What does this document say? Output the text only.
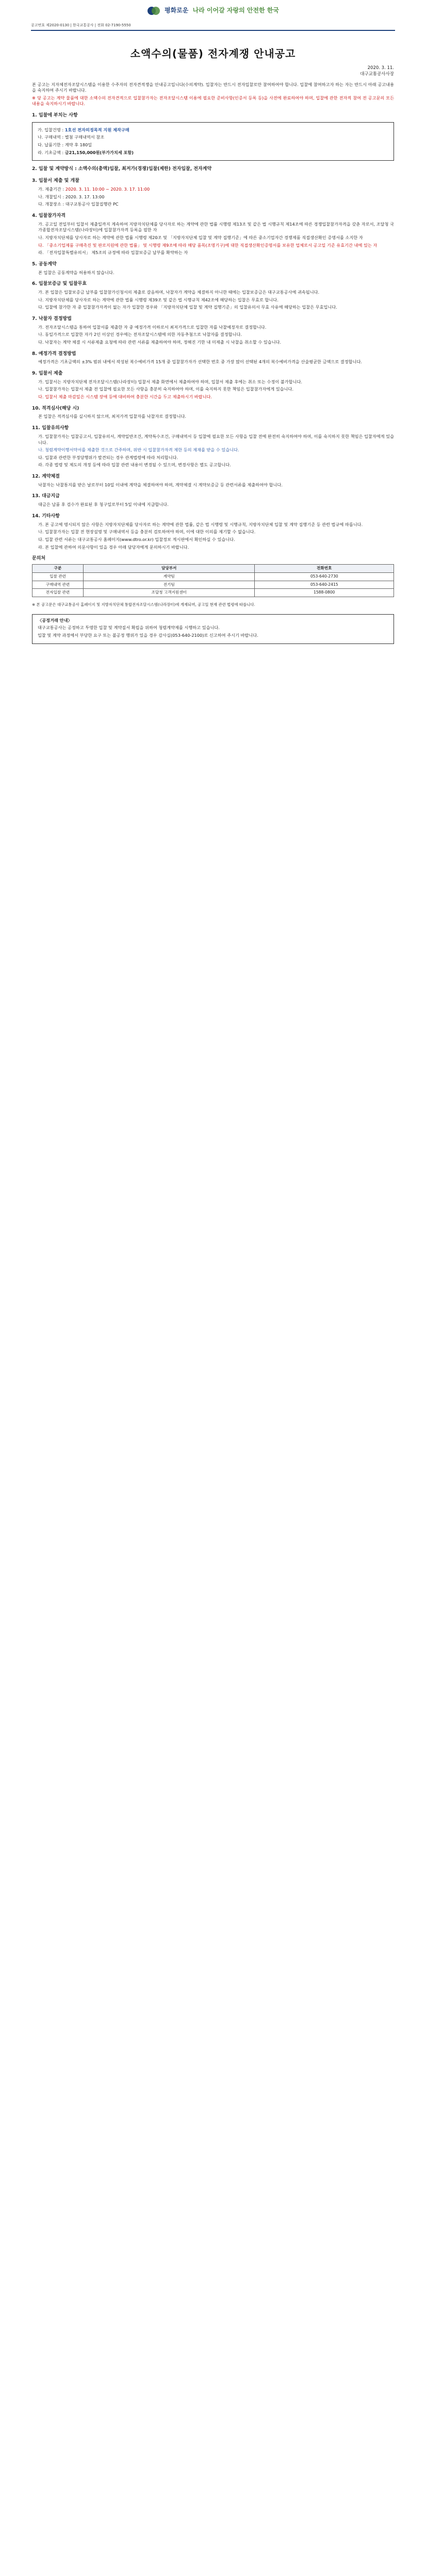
평화로운 나라 이어갈 자랑의 안전한 한국
공고번호 제2020-0130 | 한국교통공사 | 전화 02-7190-5550
소액수의(물품) 전자계쟁 안내공고
2020. 3. 11.
대구교통공사사장
본 공고는 지자체전자조달시스템을 이용한 수주자의 전자견적쟁을 안내공고입니다(수의계약). 입찰자는 반드시 전자입찰로만 참여하여야 합니다. 입찰에 참여하고자 하는 자는 반드시 아래 공고내용을 숙지하여 주시기 바랍니다.
※ 당 공고는 계약 물품에 대한 소액수의 전자견적으로 입찰참가자는 전자조달시스템 이용에 필요한 준비사항(인증서 등록 등)을 사전에 완료하여야 하며, 입찰에 관한 전자적 참여 전 공고문의 모든 내용을 숙지하시기 바랍니다.
1. 입찰에 부치는 사항
가. 입찰건명 : 1호선 전자의정목적 지원 제작구매
나. 구매내역 : 별첨 구매내역서 참조
다. 납품기한 : 계약 후 180일
라. 기초금액 : 금21,150,000원(부가가치세 포함)
2. 입찰 및 계약방식 : 소액수의(총액)입찰, 최저가(경쟁)입찰(제한) 전자입찰, 전자계약
3. 입찰서 제출 및 개찰
가. 제출기간 : 2020. 3. 11. 10:00 ~ 2020. 3. 17. 11:00
나. 개찰일시 : 2020. 3. 17. 13:00
다. 개찰장소 : 대구교통공사 입찰집행관 PC
4. 입찰참가자격
가. 공고일 전일부터 입찰서 제출일까지 계속하여 지방자치단체를 당사자로 하는 계약에 관한 법률 시행령 제13조 및 같은 법 시행규칙 제14조에 따른 경쟁입찰참가자격을 갖춘 자로서, 조달청 국가종합전자조달시스템(나라장터)에 입찰참가자격 등록을 필한 자
나. 지방자치단체를 당사자로 하는 계약에 관한 법률 시행령 제20조 및 「지방자치단체 입찰 및 계약 집행기준」에 따른 중소기업자간 경쟁제품 직접생산확인 증명서를 소지한 자
다. 「중소기업제품 구매촉진 및 판로지원에 관한 법률」 및 시행령 제9조에 따라 해당 품목(조명기구)에 대한 직접생산확인증명서를 보유한 업체로서 공고일 기준 유효기간 내에 있는 자
라. 「전자입찰특별유의서」 제5조의 규정에 따라 입찰보증금 납부를 확약하는 자
5. 공동계약
본 입찰은 공동계약을 허용하지 않습니다.
6. 입찰보증금 및 입찰무효
가. 본 입찰은 입찰보증금 납부를 입찰참가신청서의 제출로 갈음하며, 낙찰자가 계약을 체결하지 아니한 때에는 입찰보증금은 대구교통공사에 귀속됩니다.
나. 지방자치단체를 당사자로 하는 계약에 관한 법률 시행령 제39조 및 같은 법 시행규칙 제42조에 해당하는 입찰은 무효로 합니다.
다. 입찰에 참가한 자 중 입찰참가자격이 없는 자가 입찰한 경우와 「지방자치단체 입찰 및 계약 집행기준」의 입찰유의서 무효 사유에 해당하는 입찰은 무효입니다.
7. 낙찰자 결정방법
가. 전자조달시스템을 통하여 입찰서를 제출한 자 중 예정가격 이하로서 최저가격으로 입찰한 자를 낙찰예정자로 결정합니다.
나. 동일가격으로 입찰한 자가 2인 이상인 경우에는 전자조달시스템에 의한 자동추첨으로 낙찰자를 결정합니다.
다. 낙찰자는 계약 체결 시 서류제출 요청에 따라 관련 서류를 제출하여야 하며, 정해진 기한 내 미제출 시 낙찰을 취소할 수 있습니다.
8. 예정가격 결정방법
예정가격은 기초금액의 ±3% 범위 내에서 작성된 복수예비가격 15개 중 입찰참가자가 선택한 번호 중 가장 많이 선택된 4개의 복수예비가격을 산술평균한 금액으로 결정합니다.
9. 입찰서 제출
가. 입찰서는 지방자치단체 전자조달시스템(나라장터) 입찰서 제출 화면에서 제출하여야 하며, 입찰서 제출 후에는 취소 또는 수정이 불가합니다.
나. 입찰참가자는 입찰서 제출 전 입찰에 필요한 모든 사항을 충분히 숙지하여야 하며, 이를 숙지하지 못한 책임은 입찰참가자에게 있습니다.
다. 입찰서 제출 마감일은 시스템 장애 등에 대비하여 충분한 시간을 두고 제출하시기 바랍니다.
10. 적격심사(해당 시)
본 입찰은 적격심사를 실시하지 않으며, 최저가격 입찰자를 낙찰자로 결정합니다.
11. 입찰유의사항
가. 입찰참가자는 입찰공고서, 입찰유의서, 계약일반조건, 계약특수조건, 구매내역서 등 입찰에 필요한 모든 사항을 입찰 전에 완전히 숙지하여야 하며, 이를 숙지하지 못한 책임은 입찰자에게 있습니다.
나. 청렴계약이행서약서를 제출한 것으로 간주하며, 위반 시 입찰참가자격 제한 등의 제재를 받을 수 있습니다.
다. 입찰과 관련한 부정당행위가 발견되는 경우 관계법령에 따라 처리합니다.
라. 각종 법령 및 제도의 개정 등에 따라 입찰 관련 내용이 변경될 수 있으며, 변경사항은 별도 공고합니다.
12. 계약체결
낙찰자는 낙찰통지를 받은 날로부터 10일 이내에 계약을 체결하여야 하며, 계약체결 시 계약보증금 등 관련서류를 제출하여야 합니다.
13. 대금지급
대금은 납품 후 검수가 완료된 후 청구일로부터 5일 이내에 지급합니다.
14. 기타사항
가. 본 공고에 명시되지 않은 사항은 지방자치단체를 당사자로 하는 계약에 관한 법률, 같은 법 시행령 및 시행규칙, 지방자치단체 입찰 및 계약 집행기준 등 관련 법규에 따릅니다.
나. 입찰참가자는 입찰 전 현장설명 및 구매내역서 등을 충분히 검토하여야 하며, 이에 대한 이의를 제기할 수 없습니다.
다. 입찰 관련 서류는 대구교통공사 홈페이지(www.dtro.or.kr) 입찰정보 게시판에서 확인하실 수 있습니다.
라. 본 입찰에 관하여 의문사항이 있을 경우 아래 담당자에게 문의하시기 바랍니다.
문의처
구분	담당부서	전화번호
입찰 관련	계약팀	053-640-2730
구매내역 관련	전기팀	053-640-2415
전자입찰 관련	조달청 고객지원센터	1588-0800
※ 본 공고문은 대구교통공사 홈페이지 및 지방자치단체 통합전자조달시스템(나라장터)에 게재되며, 공고일 현재 관련 법령에 따릅니다.
〈공정거래 안내〉
대구교통공사는 공정하고 투명한 입찰 및 계약질서 확립을 위하여 청렴계약제를 시행하고 있습니다.
입찰 및 계약 과정에서 부당한 요구 또는 불공정 행위가 있을 경우 감사실(053-640-2100)로 신고하여 주시기 바랍니다.
